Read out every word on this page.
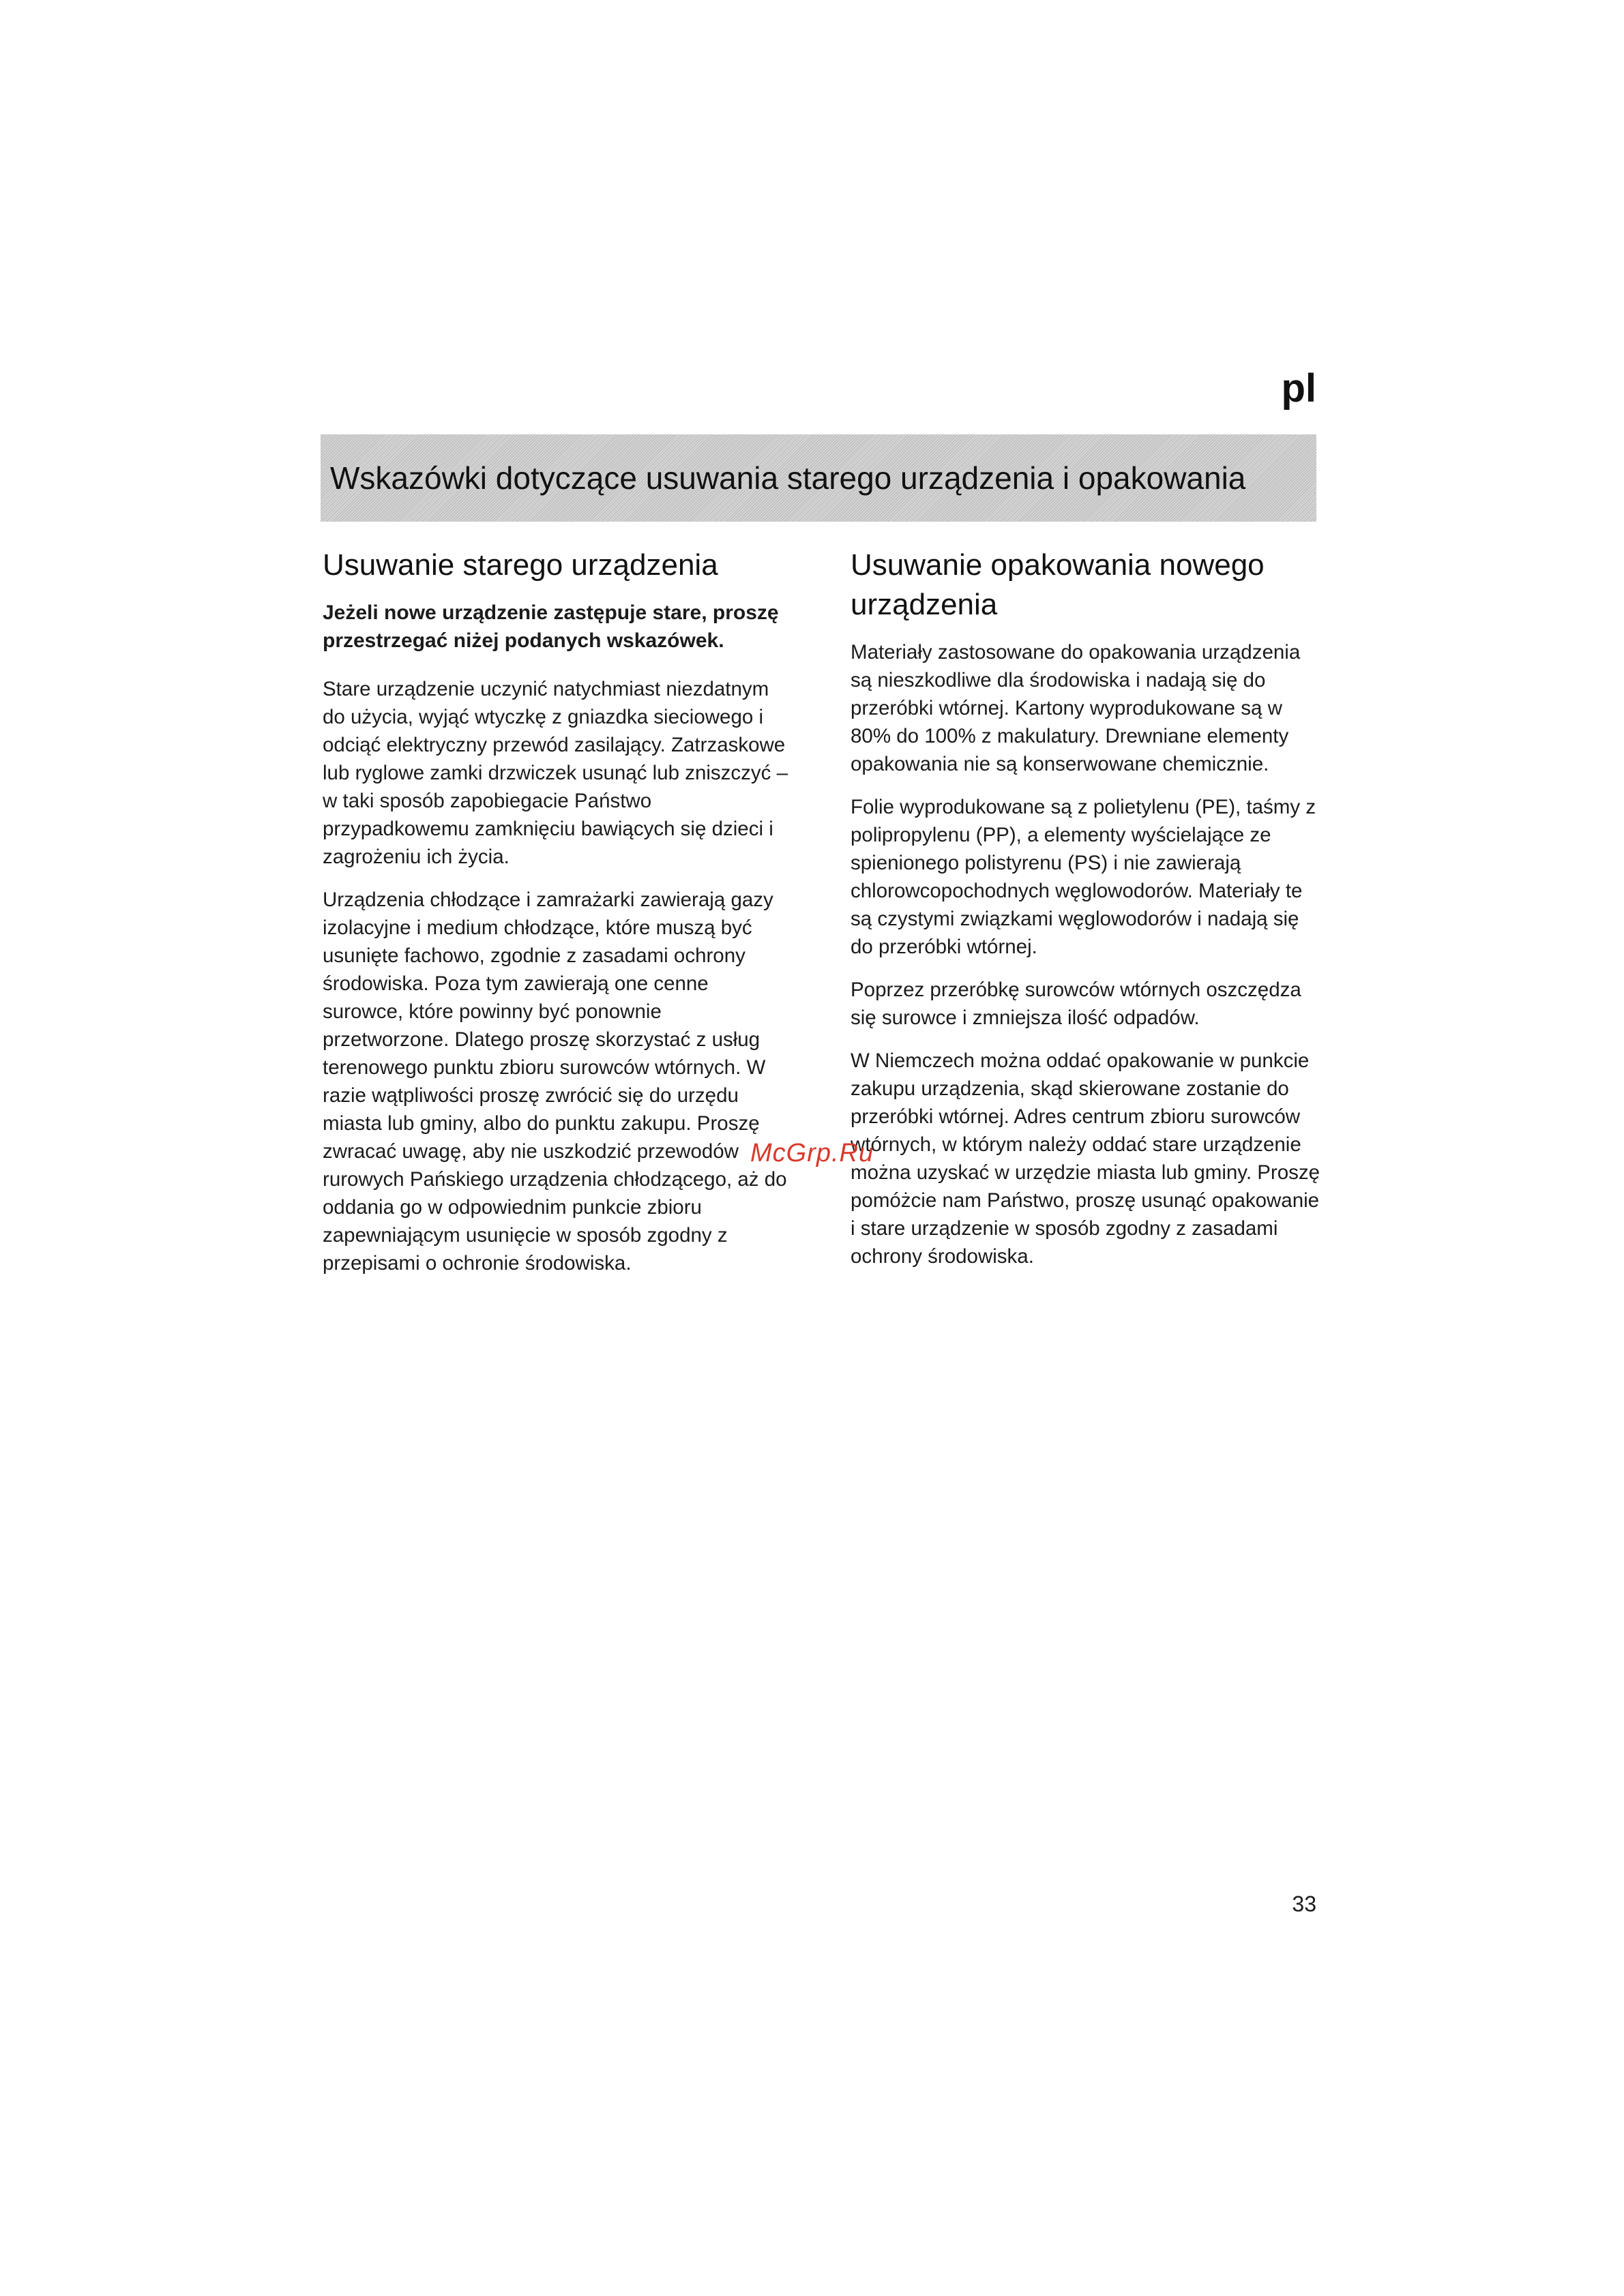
pl
Wskazówki dotyczące usuwania starego urządzenia i opakowania
Usuwanie starego urządzenia

Jeżeli nowe urządzenie zastępuje stare, proszę przestrzegać niżej podanych wskazówek.

Stare urządzenie uczynić natychmiast niezdatnym do użycia, wyjąć wtyczkę z gniazdka sieciowego i odciąć elektryczny przewód zasilający. Zatrzaskowe lub ryglowe zamki drzwiczek usunąć lub zniszczyć – w taki sposób zapobiegacie Państwo przypadkowemu zamknięciu bawiących się dzieci i zagrożeniu ich życia.

Urządzenia chłodzące i zamrażarki zawierają gazy izolacyjne i medium chłodzące, które muszą być usunięte fachowo, zgodnie z zasadami ochrony środowiska. Poza tym zawierają one cenne surowce, które powinny być ponownie przetworzone. Dlatego proszę skorzystać z usług terenowego punktu zbioru surowców wtórnych. W razie wątpliwości proszę zwrócić się do urzędu miasta lub gminy, albo do punktu zakupu. Proszę zwracać uwagę, aby nie uszkodzić przewodów rurowych Pańskiego urządzenia chłodzącego, aż do oddania go w odpowiednim punkcie zbioru zapewniającym usunięcie w sposób zgodny z przepisami o ochronie środowiska.

Usuwanie opakowania nowego urządzenia

Materiały zastosowane do opakowania urządzenia są nieszkodliwe dla środowiska i nadają się do przeróbki wtórnej. Kartony wyprodukowane są w 80% do 100% z makulatury. Drewniane elementy opakowania nie są konserwowane chemicznie.

Folie wyprodukowane są z polietylenu (PE), taśmy z polipropylenu (PP), a elementy wyścielające ze spienionego polistyrenu (PS) i nie zawierają chlorowcopochodnych węglowodorów. Materiały te są czystymi związkami węglowodorów i nadają się do przeróbki wtórnej.

Poprzez przeróbkę surowców wtórnych oszczędza się surowce i zmniejsza ilość odpadów.

W Niemczech można oddać opakowanie w punkcie zakupu urządzenia, skąd skierowane zostanie do przeróbki wtórnej. Adres centrum zbioru surowców wtórnych, w którym należy oddać stare urządzenie można uzyskać w urzędzie miasta lub gminy. Proszę pomóżcie nam Państwo, proszę usunąć opakowanie i stare urządzenie w sposób zgodny z zasadami ochrony środowiska.

McGrp.Ru
33
